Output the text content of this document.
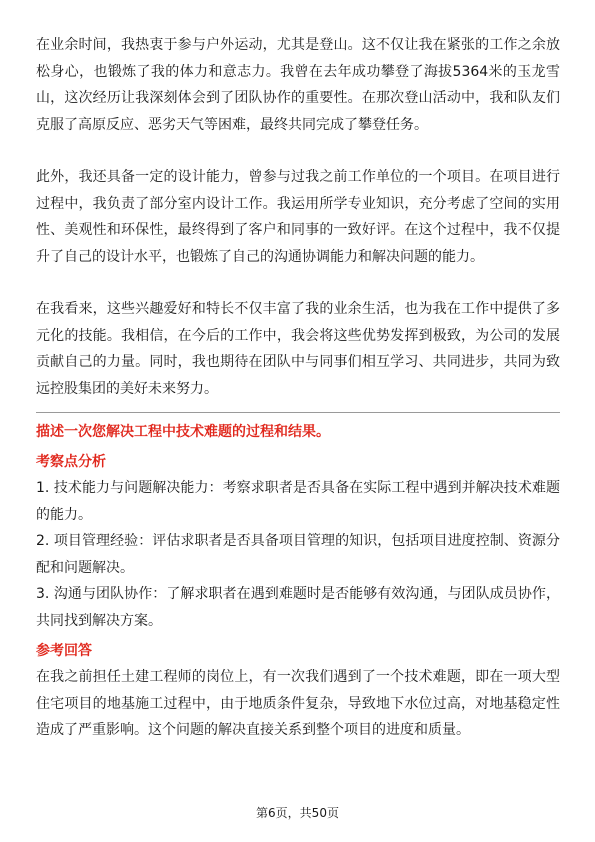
在业余时间，我热衷于参与户外运动，尤其是登山。这不仅让我在紧张的工作之余放松身心，也锻炼了我的体力和意志力。我曾在去年成功攀登了海拔5364米的玉龙雪山，这次经历让我深刻体会到了团队协作的重要性。在那次登山活动中，我和队友们克服了高原反应、恶劣天气等困难，最终共同完成了攀登任务。

此外，我还具备一定的设计能力，曾参与过我之前工作单位的一个项目。在项目进行过程中，我负责了部分室内设计工作。我运用所学专业知识，充分考虑了空间的实用性、美观性和环保性，最终得到了客户和同事的一致好评。在这个过程中，我不仅提升了自己的设计水平，也锻炼了自己的沟通协调能力和解决问题的能力。

在我看来，这些兴趣爱好和特长不仅丰富了我的业余生活，也为我在工作中提供了多元化的技能。我相信，在今后的工作中，我会将这些优势发挥到极致，为公司的发展贡献自己的力量。同时，我也期待在团队中与同事们相互学习、共同进步，共同为致远控股集团的美好未来努力。

描述一次您解决工程中技术难题的过程和结果。

考察点分析

1. 技术能力与问题解决能力：考察求职者是否具备在实际工程中遇到并解决技术难题的能力。

2. 项目管理经验：评估求职者是否具备项目管理的知识，包括项目进度控制、资源分配和问题解决。

3. 沟通与团队协作：了解求职者在遇到难题时是否能够有效沟通，与团队成员协作，共同找到解决方案。

参考回答

在我之前担任土建工程师的岗位上，有一次我们遇到了一个技术难题，即在一项大型住宅项目的地基施工过程中，由于地质条件复杂，导致地下水位过高，对地基稳定性造成了严重影响。这个问题的解决直接关系到整个项目的进度和质量。

第6页，共50页
